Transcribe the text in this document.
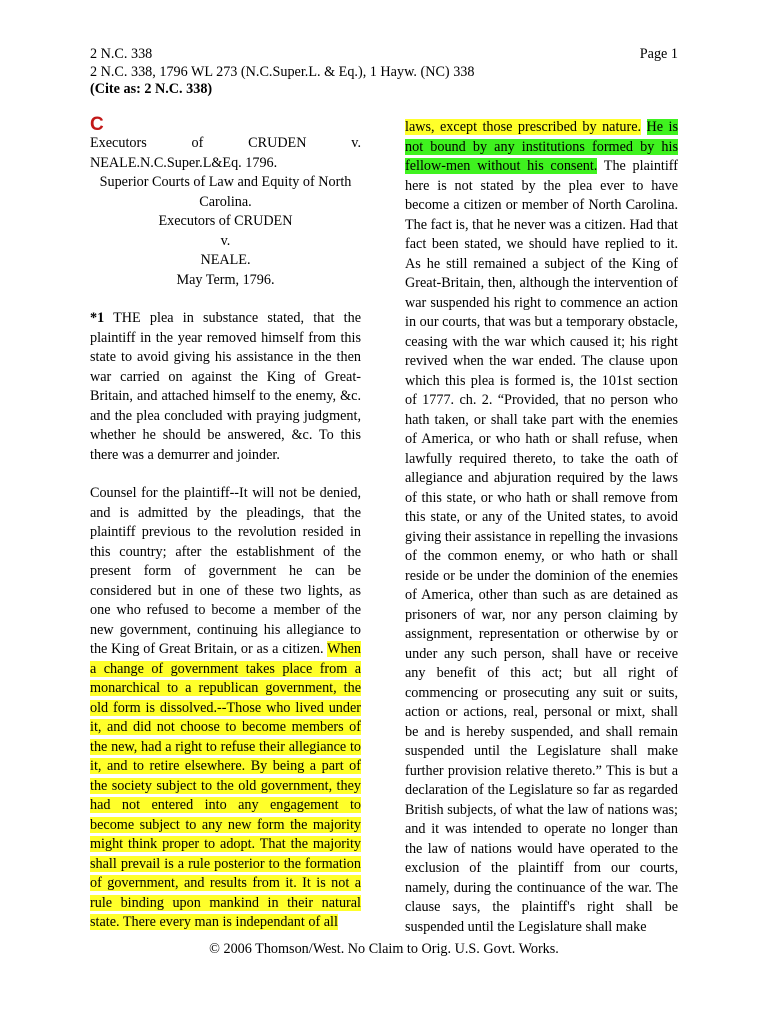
2 N.C. 338
2 N.C. 338, 1796 WL 273 (N.C.Super.L. & Eq.), 1 Hayw. (NC) 338
(Cite as: 2 N.C. 338)
Page 1
C
Executors of CRUDEN v. NEALE.N.C.Super.L&Eq. 1796.
Superior Courts of Law and Equity of North Carolina.
Executors of CRUDEN
v.
NEALE.
May Term, 1796.

*1 THE plea in substance stated, that the plaintiff in the year removed himself from this state to avoid giving his assistance in the then war carried on against the King of Great-Britain, and attached himself to the enemy, &c. and the plea concluded with praying judgment, whether he should be answered, &c. To this there was a demurrer and joinder.

Counsel for the plaintiff--It will not be denied, and is admitted by the pleadings, that the plaintiff previous to the revolution resided in this country; after the establishment of the present form of government he can be considered but in one of these two lights, as one who refused to become a member of the new government, continuing his allegiance to the King of Great Britain, or as a citizen. When a change of government takes place from a monarchical to a republican government, the old form is dissolved.--Those who lived under it, and did not choose to become members of the new, had a right to refuse their allegiance to it, and to retire elsewhere. By being a part of the society subject to the old government, they had not entered into any engagement to become subject to any new form the majority might think proper to adopt. That the majority shall prevail is a rule posterior to the formation of government, and results from it. It is not a rule binding upon mankind in their natural state. There every man is independant of all

laws, except those prescribed by nature. He is not bound by any institutions formed by his fellow-men without his consent. The plaintiff here is not stated by the plea ever to have become a citizen or member of North Carolina. The fact is, that he never was a citizen. Had that fact been stated, we should have replied to it. As he still remained a subject of the King of Great-Britain, then, although the intervention of war suspended his right to commence an action in our courts, that was but a temporary obstacle, ceasing with the war which caused it; his right revived when the war ended. The clause upon which this plea is formed is, the 101st section of 1777. ch. 2. “Provided, that no person who hath taken, or shall take part with the enemies of America, or who hath or shall refuse, when lawfully required thereto, to take the oath of allegiance and abjuration required by the laws of this state, or who hath or shall remove from this state, or any of the United states, to avoid giving their assistance in repelling the invasions of the common enemy, or who hath or shall reside or be under the dominion of the enemies of America, other than such as are detained as prisoners of war, nor any person claiming by assignment, representation or otherwise by or under any such person, shall have or receive any benefit of this act; but all right of commencing or prosecuting any suit or suits, action or actions, real, personal or mixt, shall be and is hereby suspended, and shall remain suspended until the Legislature shall make further provision relative thereto.” This is but a declaration of the Legislature so far as regarded British subjects, of what the law of nations was; and it was intended to operate no longer than the law of nations would have operated to the exclusion of the plaintiff from our courts, namely, during the continuance of the war. The clause says, the plaintiff's right shall be suspended until the Legislature shall make

© 2006 Thomson/West. No Claim to Orig. U.S. Govt. Works.
